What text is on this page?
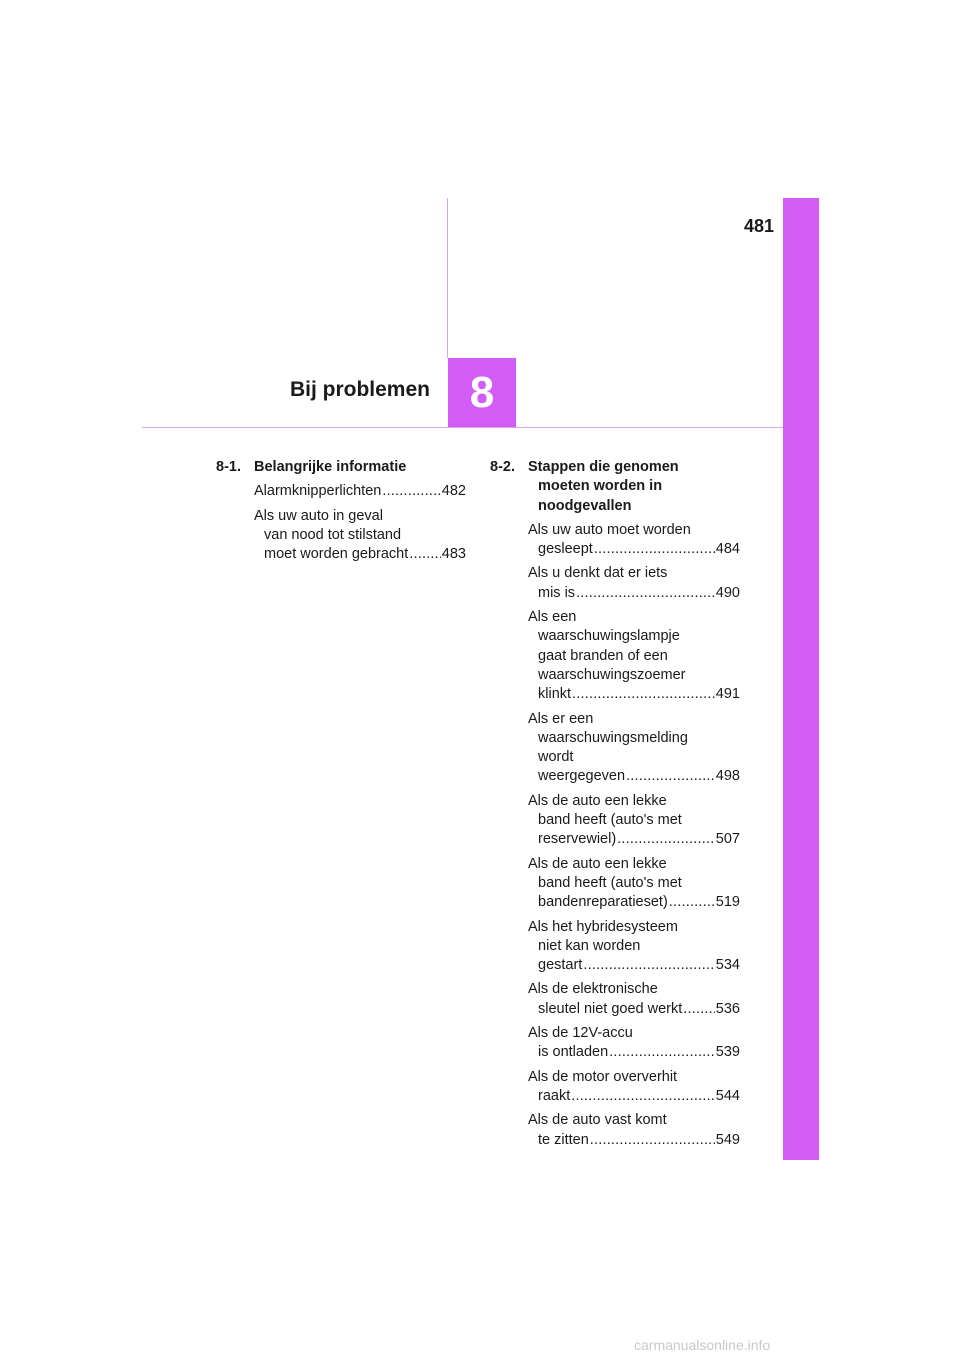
8
Bij problemen
481
8-1. Belangrijke informatie
Alarmknipperlichten .....	482
Als uw auto in geval
van nood tot stilstand
moet worden gebracht ..... 483
8-2. Stappen die genomen
moeten worden in
noodgevallen
Als uw auto moet worden
gesleept .....	484
Als u denkt dat er iets
mis is .....	490
Als een
waarschuwingslampje
gaat branden of een
waarschuwingszoemer
klinkt .....	491
Als er een
waarschuwingsmelding
wordt
weergegeven .....	498
Als de auto een lekke
band heeft (auto's met
reservewiel) .....	507
Als de auto een lekke
band heeft (auto's met
bandenreparatieset) .....	519
Als het hybridesysteem
niet kan worden
gestart .....	534
Als de elektronische
sleutel niet goed werkt ..... 536
Als de 12V-accu
is ontladen .....	539
Als de motor oververhit
raakt .....	544
Als de auto vast komt
te zitten .....	549
carmanualsonline.info
